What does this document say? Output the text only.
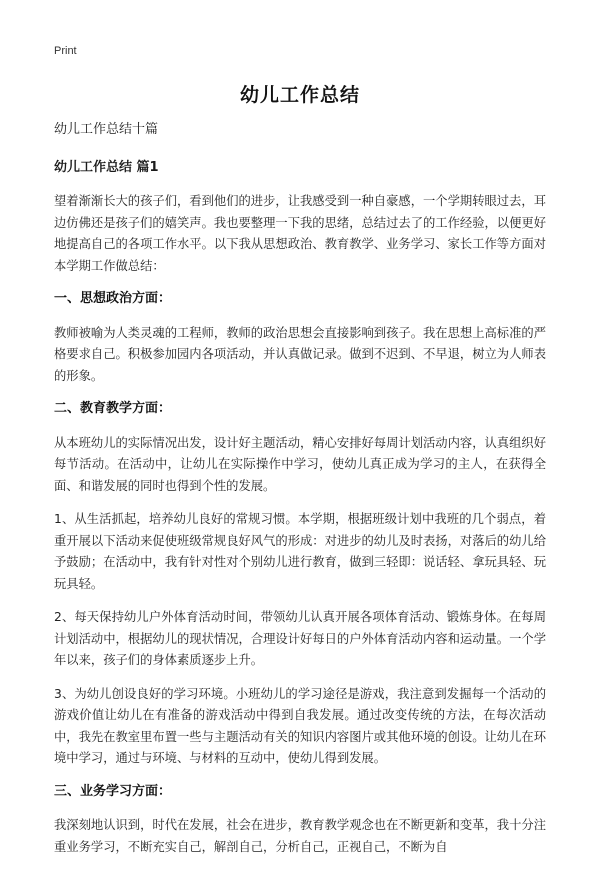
Print
幼儿工作总结
幼儿工作总结十篇
幼儿工作总结 篇1

望着渐渐长大的孩子们，看到他们的进步，让我感受到一种自豪感，一个学期转眼过去，耳边仿佛还是孩子们的嬉笑声。我也要整理一下我的思绪，总结过去了的工作经验，以便更好地提高自己的各项工作水平。以下我从思想政治、教育教学、业务学习、家长工作等方面对本学期工作做总结：

一、思想政治方面：

教师被喻为人类灵魂的工程师，教师的政治思想会直接影响到孩子。我在思想上高标准的严格要求自己。积极参加园内各项活动，并认真做记录。做到不迟到、不早退，树立为人师表的形象。

二、教育教学方面：

从本班幼儿的实际情况出发，设计好主题活动，精心安排好每周计划活动内容，认真组织好每节活动。在活动中，让幼儿在实际操作中学习，使幼儿真正成为学习的主人，在获得全面、和谐发展的同时也得到个性的发展。

1、从生活抓起，培养幼儿良好的常规习惯。本学期，根据班级计划中我班的几个弱点，着重开展以下活动来促使班级常规良好风气的形成：对进步的幼儿及时表扬，对落后的幼儿给予鼓励；在活动中，我有针对性对个别幼儿进行教育，做到三轻即：说话轻、拿玩具轻、玩玩具轻。

2、每天保持幼儿户外体育活动时间，带领幼儿认真开展各项体育活动、锻炼身体。在每周计划活动中，根据幼儿的现状情况，合理设计好每日的户外体育活动内容和运动量。一个学年以来，孩子们的身体素质逐步上升。

3、为幼儿创设良好的学习环境。小班幼儿的学习途径是游戏，我注意到发掘每一个活动的游戏价值让幼儿在有准备的游戏活动中得到自我发展。通过改变传统的方法，在每次活动中，我先在教室里布置一些与主题活动有关的知识内容图片或其他环境的创设。让幼儿在环境中学习，通过与环境、与材料的互动中，使幼儿得到发展。

三、业务学习方面：

我深刻地认识到，时代在发展，社会在进步，教育教学观念也在不断更新和变革，我十分注重业务学习，不断充实自己，解剖自己，分析自己，正视自己，不断为自
